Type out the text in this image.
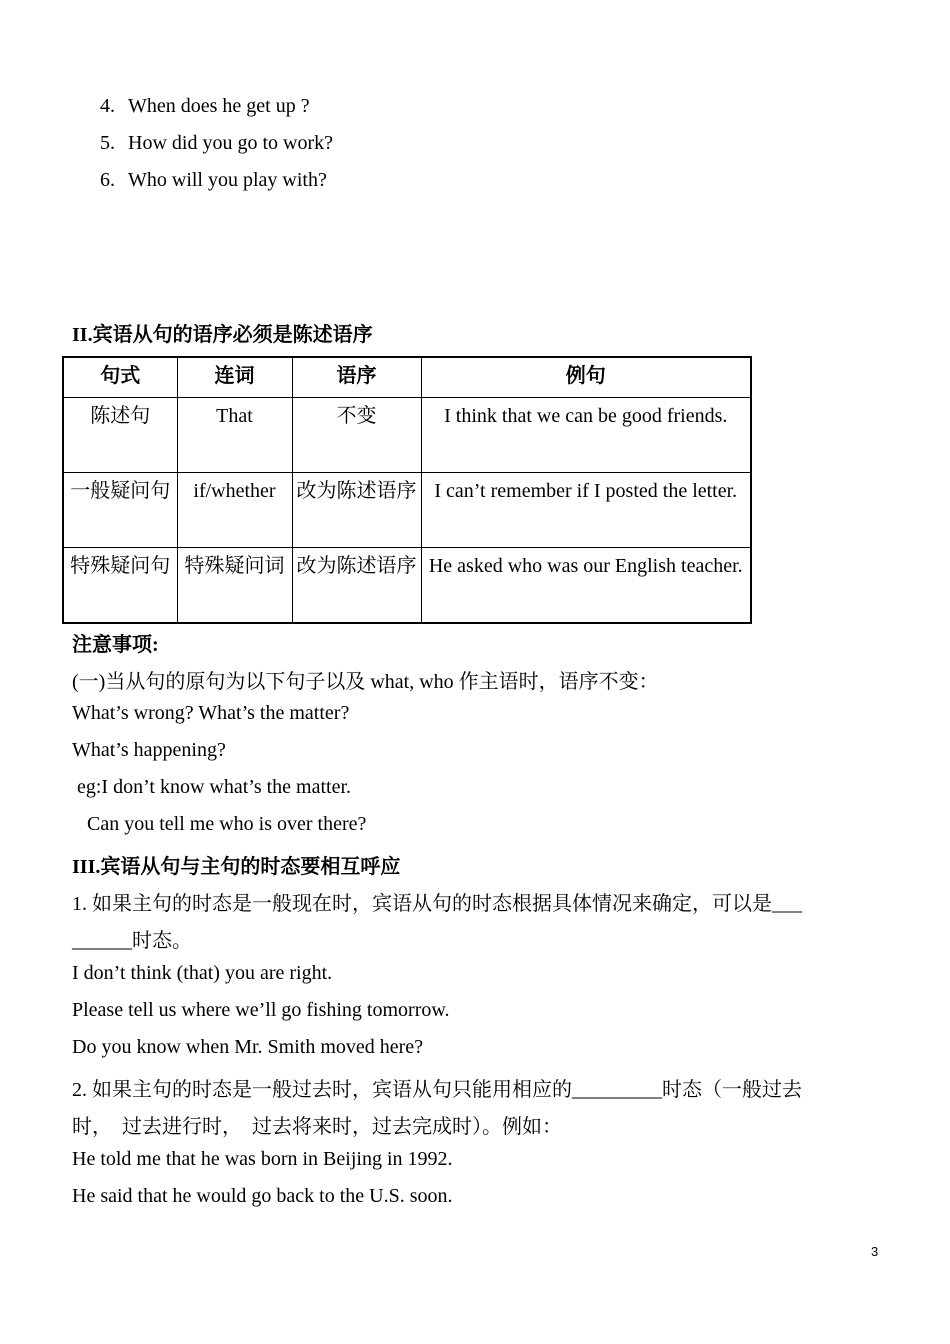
4. When does he get up ?
5. How did you go to work?
6. Who will you play with?
II.宾语从句的语序必须是陈述语序
句式	连词	语序	例句
陈述句	That	不变	I think that we can be good friends.
一般疑问句	if/whether	改为陈述语序	I can’t remember if I posted the letter.
特殊疑问句	特殊疑问词	改为陈述语序	He asked who was our English teacher.
注意事项:
(一)当从句的原句为以下句子以及 what, who 作主语时，语序不变：
What’s wrong? What’s the matter?
What’s happening?
eg:I don’t know what’s the matter.
Can you tell me who is over there?
III.宾语从句与主句的时态要相互呼应
1. 如果主句的时态是一般现在时，宾语从句的时态根据具体情况来确定，可以是___
______时态。
I don’t think (that) you are right.
Please tell us where we’ll go fishing tomorrow.
Do you know when Mr. Smith moved here?
2. 如果主句的时态是一般过去时，宾语从句只能用相应的_________时态（一般过去
时，  过去进行时，  过去将来时，过去完成时）。例如：
He told me that he was born in Beijing in 1992.
He said that he would go back to the U.S. soon.
3
